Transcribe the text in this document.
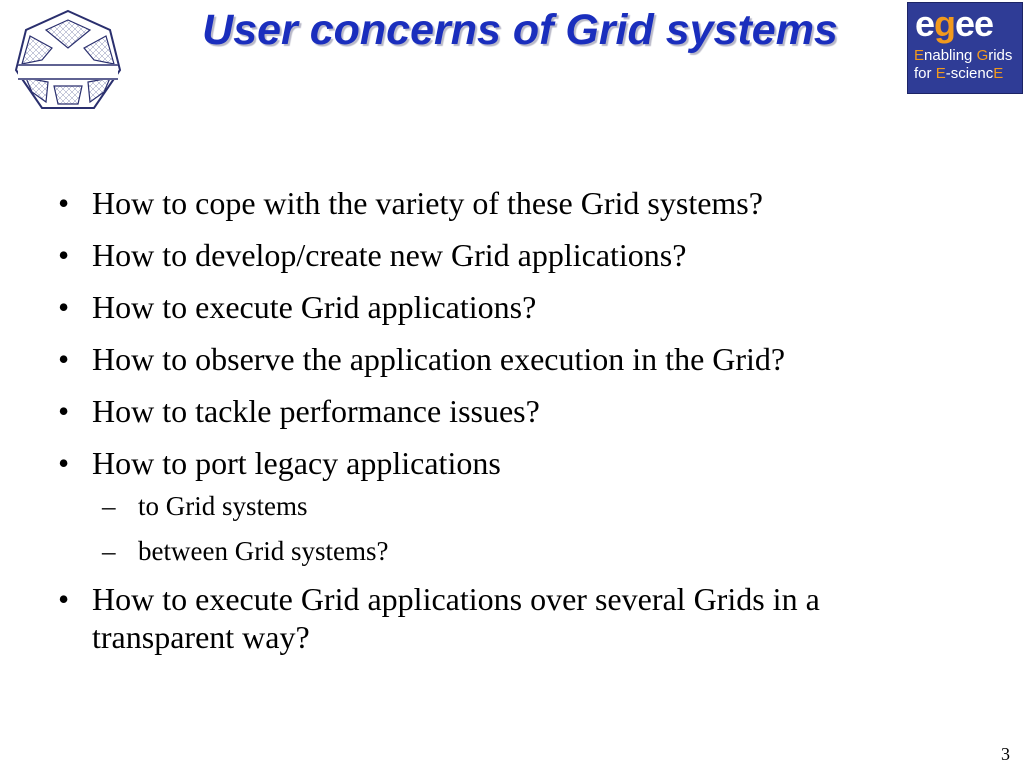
egee
Enabling Grids
for E-sciencE
User concerns of Grid systems
• How to cope with the variety of these Grid systems?
• How to develop/create new Grid applications?
• How to execute Grid applications?
• How to observe the application execution in the Grid?
• How to tackle performance issues?
• How to port legacy applications
– to Grid systems
– between Grid systems?
• How to execute Grid applications over several Grids in a transparent way?
3
